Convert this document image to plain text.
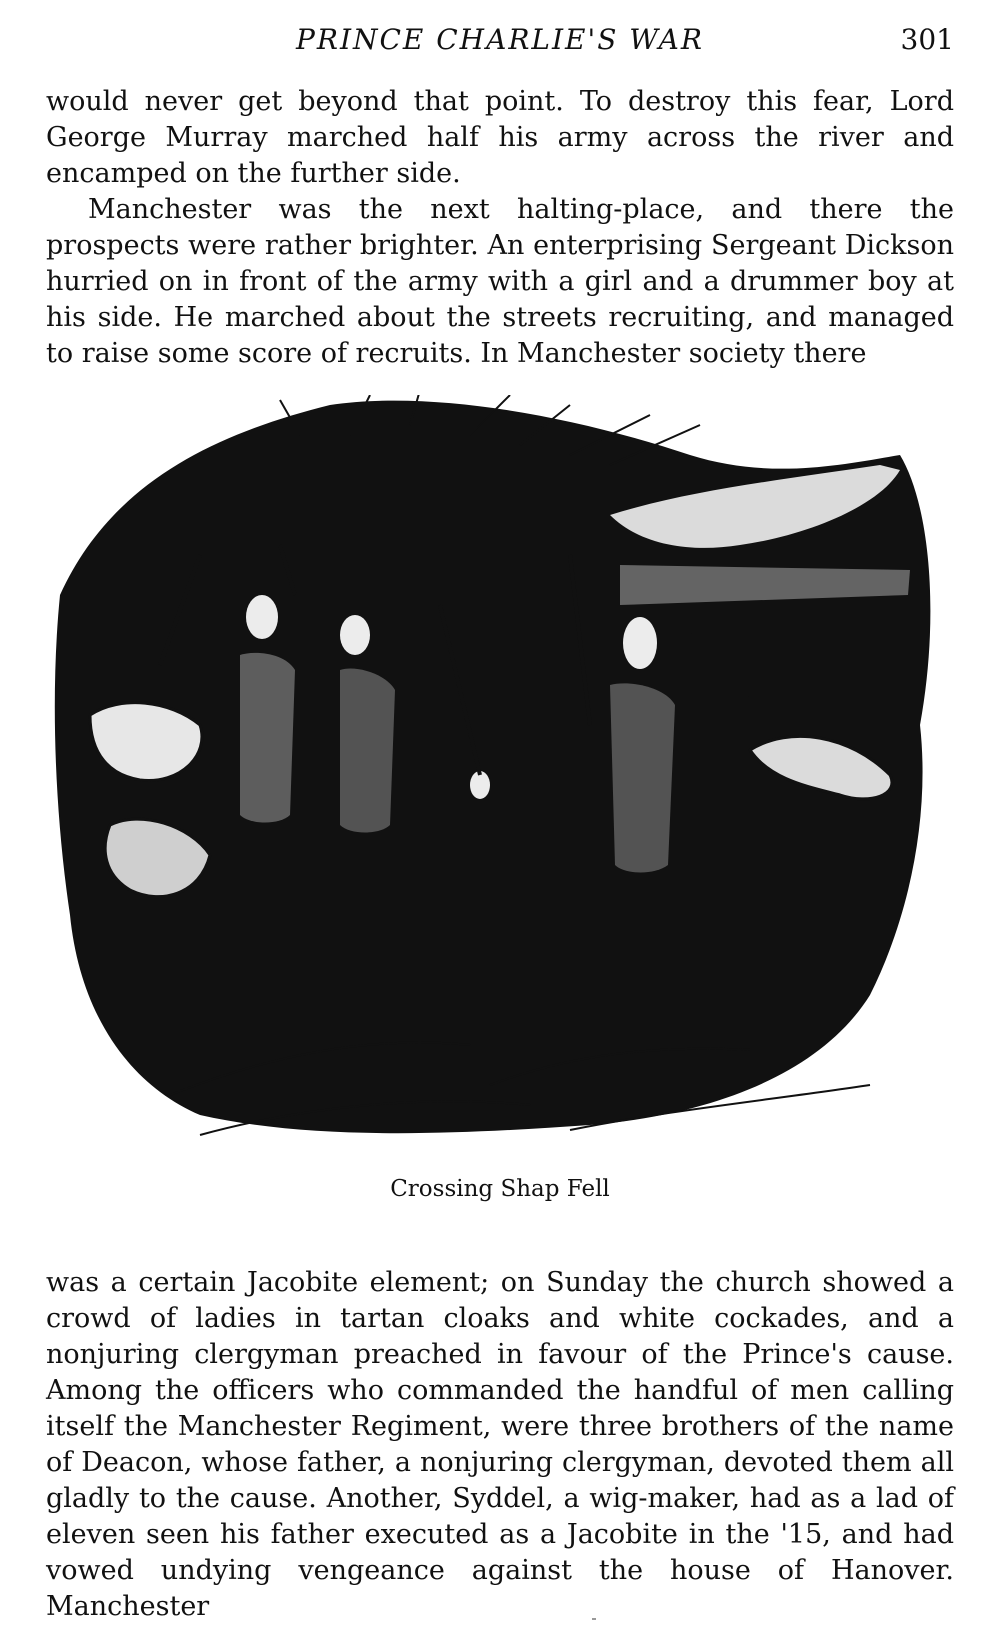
PRINCE CHARLIE'S WAR	301

would never get beyond that point. To destroy this fear, Lord George Murray marched half his army across the river and encamped on the further side.

Manchester was the next halting-place, and there the prospects were rather brighter. An enterprising Sergeant Dickson hurried on in front of the army with a girl and a drummer boy at his side. He marched about the streets recruiting, and managed to raise some score of recruits. In Manchester society there

Crossing Shap Fell

was a certain Jacobite element; on Sunday the church showed a crowd of ladies in tartan cloaks and white cockades, and a nonjuring clergyman preached in favour of the Prince's cause. Among the officers who commanded the handful of men calling itself the Manchester Regiment, were three brothers of the name of Deacon, whose father, a nonjuring clergyman, devoted them all gladly to the cause. Another, Syddel, a wig-maker, had as a lad of eleven seen his father executed as a Jacobite in the '15, and had vowed undying vengeance against the house of Hanover. Manchester
